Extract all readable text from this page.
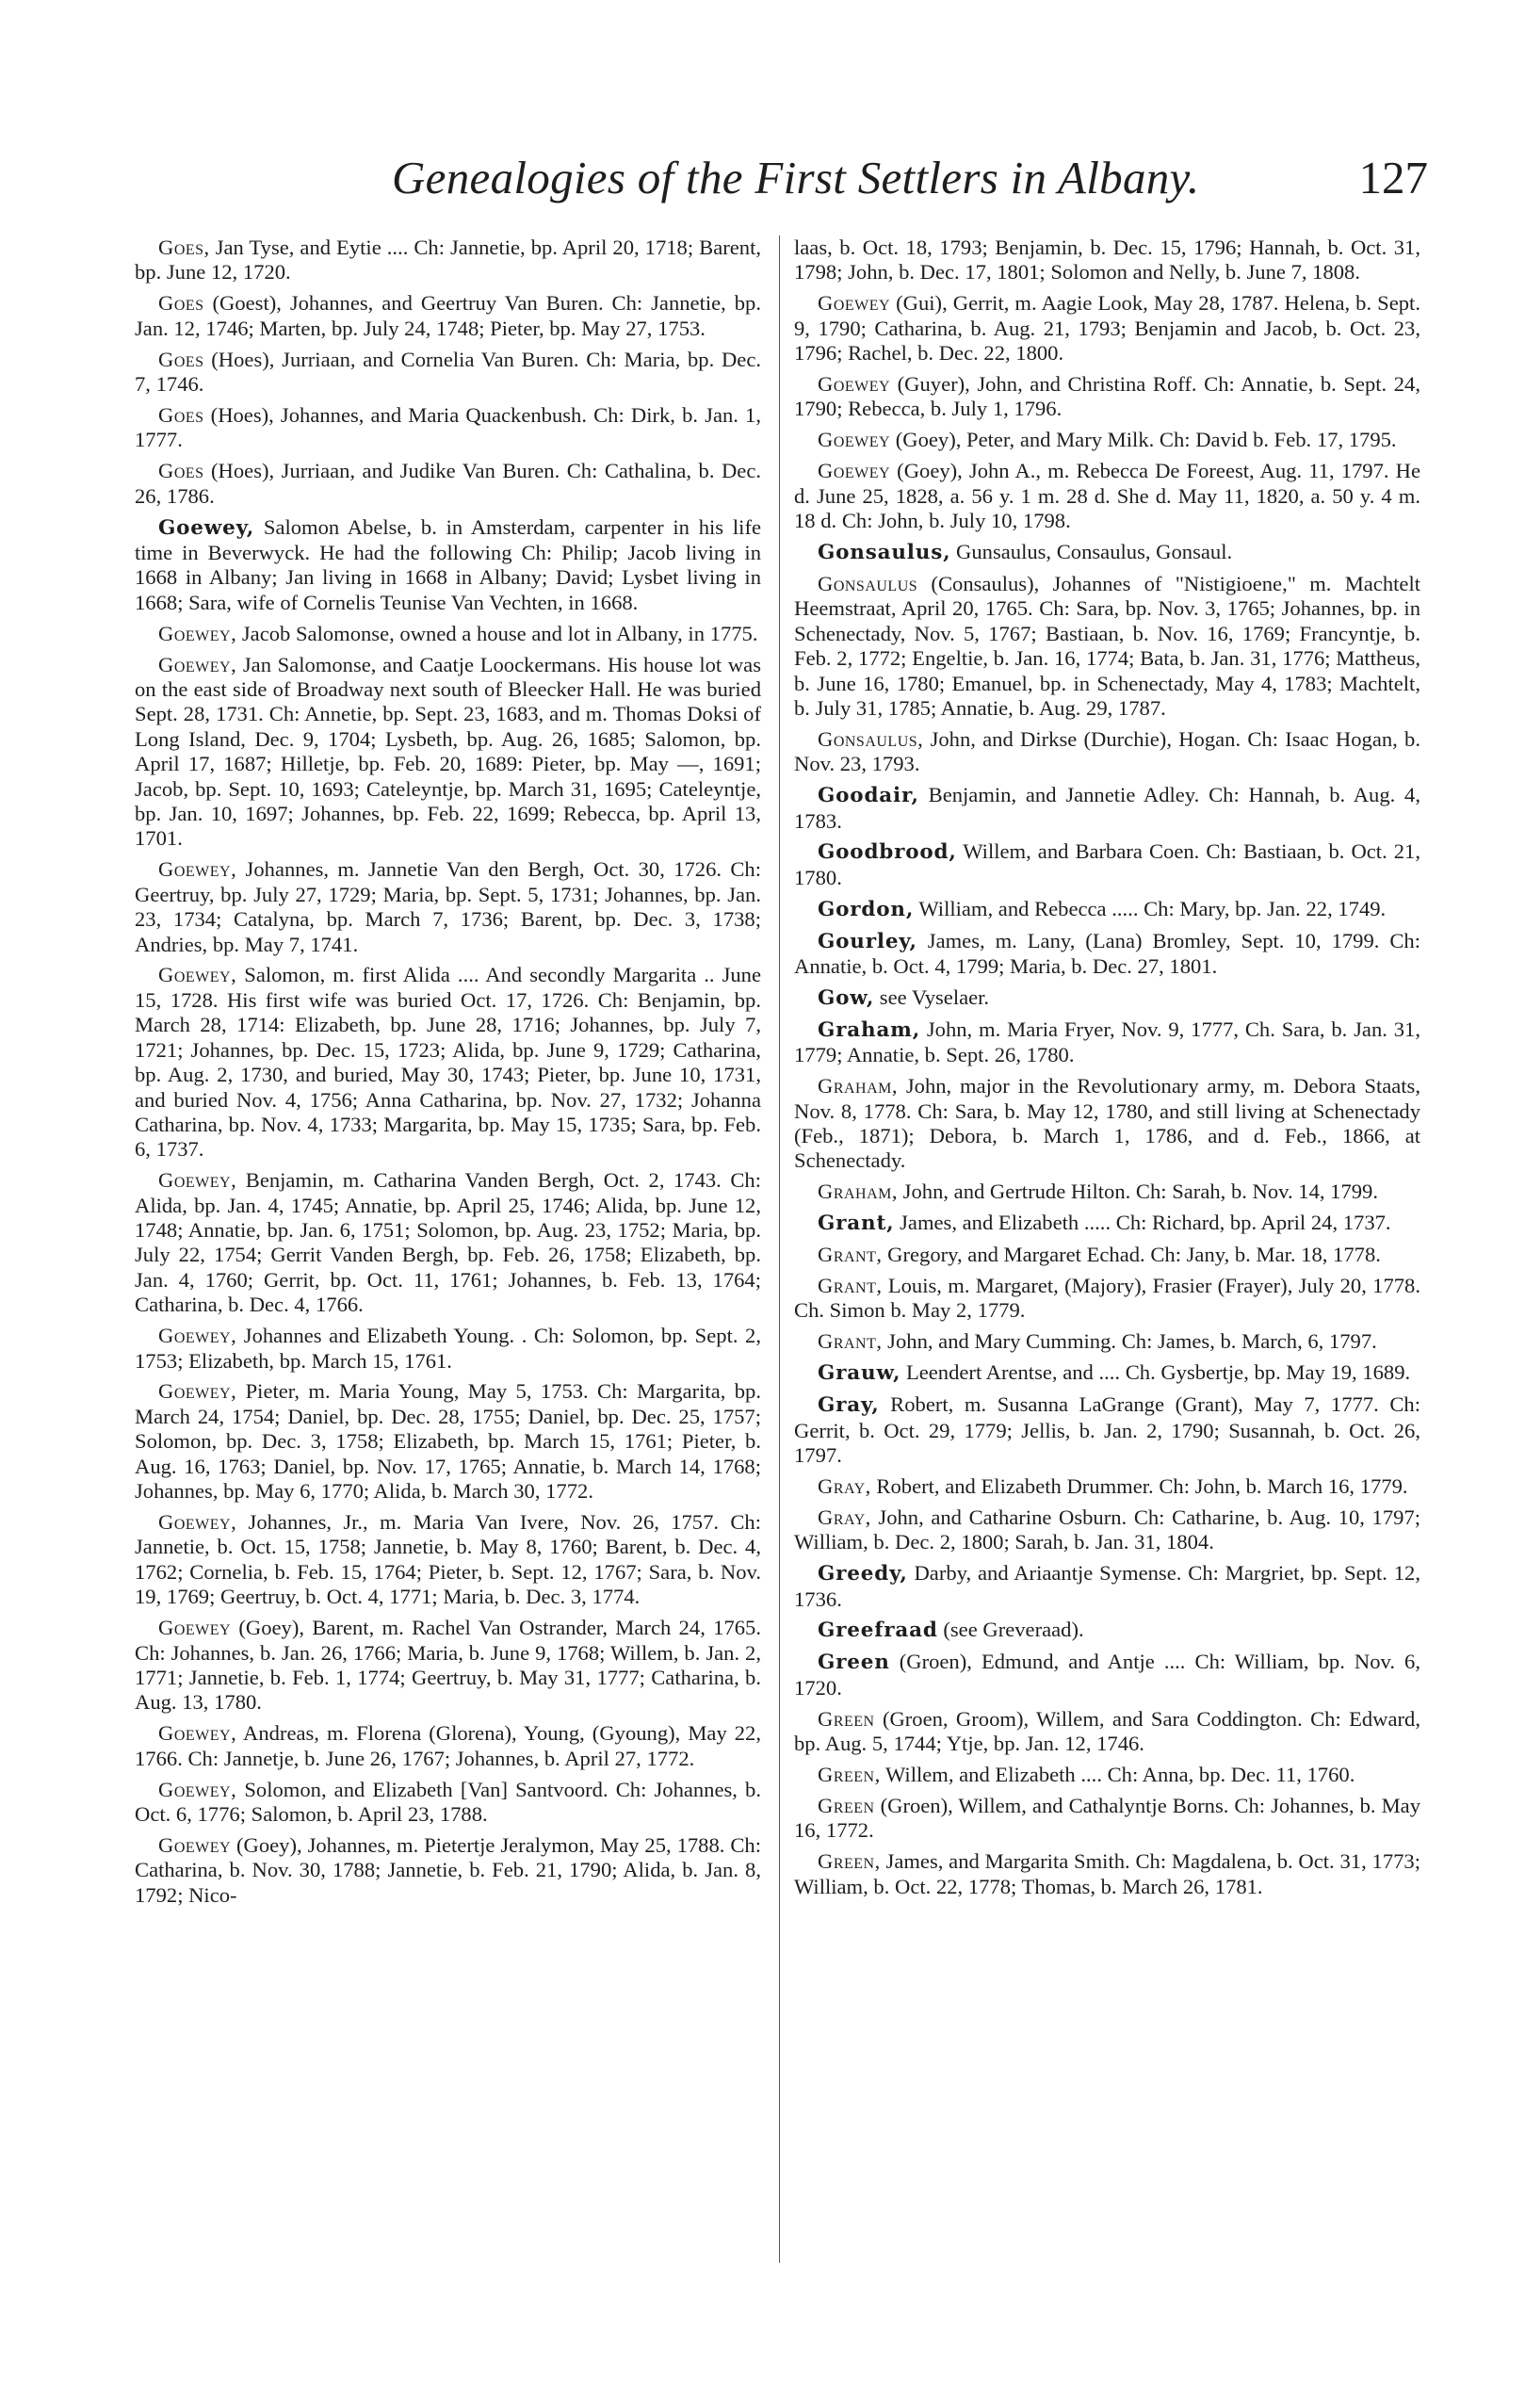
Genealogies of the First Settlers in Albany.	127

Goes, Jan Tyse, and Eytie .... Ch: Jannetie, bp. April 20, 1718; Barent, bp. June 12, 1720.

Goes (Goest), Johannes, and Geertruy Van Buren. Ch: Jannetie, bp. Jan. 12, 1746; Marten, bp. July 24, 1748; Pieter, bp. May 27, 1753.

Goes (Hoes), Jurriaan, and Cornelia Van Buren. Ch: Maria, bp. Dec. 7, 1746.

Goes (Hoes), Johannes, and Maria Quackenbush. Ch: Dirk, b. Jan. 1, 1777.

Goes (Hoes), Jurriaan, and Judike Van Buren. Ch: Cathalina, b. Dec. 26, 1786.

Goewey, Salomon Abelse, b. in Amsterdam, carpenter in his life time in Beverwyck. He had the following Ch: Philip; Jacob living in 1668 in Albany; Jan living in 1668 in Albany; David; Lysbet living in 1668; Sara, wife of Cornelis Teunise Van Vechten, in 1668.

Goewey, Jacob Salomonse, owned a house and lot in Albany, in 1775.

Goewey, Jan Salomonse, and Caatje Loockermans. His house lot was on the east side of Broadway next south of Bleecker Hall. He was buried Sept. 28, 1731. Ch: Annetie, bp. Sept. 23, 1683, and m. Thomas Doksi of Long Island, Dec. 9, 1704; Lysbeth, bp. Aug. 26, 1685; Salomon, bp. April 17, 1687; Hilletje, bp. Feb. 20, 1689: Pieter, bp. May —, 1691; Jacob, bp. Sept. 10, 1693; Cateleyntje, bp. March 31, 1695; Cateleyntje, bp. Jan. 10, 1697; Johannes, bp. Feb. 22, 1699; Rebecca, bp. April 13, 1701.

Goewey, Johannes, m. Jannetie Van den Bergh, Oct. 30, 1726. Ch: Geertruy, bp. July 27, 1729; Maria, bp. Sept. 5, 1731; Johannes, bp. Jan. 23, 1734; Catalyna, bp. March 7, 1736; Barent, bp. Dec. 3, 1738; Andries, bp. May 7, 1741.

Goewey, Salomon, m. first Alida .... And secondly Margarita .. June 15, 1728. His first wife was buried Oct. 17, 1726. Ch: Benjamin, bp. March 28, 1714: Elizabeth, bp. June 28, 1716; Johannes, bp. July 7, 1721; Johannes, bp. Dec. 15, 1723; Alida, bp. June 9, 1729; Catharina, bp. Aug. 2, 1730, and buried, May 30, 1743; Pieter, bp. June 10, 1731, and buried Nov. 4, 1756; Anna Catharina, bp. Nov. 27, 1732; Johanna Catharina, bp. Nov. 4, 1733; Margarita, bp. May 15, 1735; Sara, bp. Feb. 6, 1737.

Goewey, Benjamin, m. Catharina Vanden Bergh, Oct. 2, 1743. Ch: Alida, bp. Jan. 4, 1745; Annatie, bp. April 25, 1746; Alida, bp. June 12, 1748; Annatie, bp. Jan. 6, 1751; Solomon, bp. Aug. 23, 1752; Maria, bp. July 22, 1754; Gerrit Vanden Bergh, bp. Feb. 26, 1758; Elizabeth, bp. Jan. 4, 1760; Gerrit, bp. Oct. 11, 1761; Johannes, b. Feb. 13, 1764; Catharina, b. Dec. 4, 1766.

Goewey, Johannes and Elizabeth Young. . Ch: Solomon, bp. Sept. 2, 1753; Elizabeth, bp. March 15, 1761.

Goewey, Pieter, m. Maria Young, May 5, 1753. Ch: Margarita, bp. March 24, 1754; Daniel, bp. Dec. 28, 1755; Daniel, bp. Dec. 25, 1757; Solomon, bp. Dec. 3, 1758; Elizabeth, bp. March 15, 1761; Pieter, b. Aug. 16, 1763; Daniel, bp. Nov. 17, 1765; Annatie, b. March 14, 1768; Johannes, bp. May 6, 1770; Alida, b. March 30, 1772.

Goewey, Johannes, Jr., m. Maria Van Ivere, Nov. 26, 1757. Ch: Jannetie, b. Oct. 15, 1758; Jannetie, b. May 8, 1760; Barent, b. Dec. 4, 1762; Cornelia, b. Feb. 15, 1764; Pieter, b. Sept. 12, 1767; Sara, b. Nov. 19, 1769; Geertruy, b. Oct. 4, 1771; Maria, b. Dec. 3, 1774.

Goewey (Goey), Barent, m. Rachel Van Ostrander, March 24, 1765. Ch: Johannes, b. Jan. 26, 1766; Maria, b. June 9, 1768; Willem, b. Jan. 2, 1771; Jannetie, b. Feb. 1, 1774; Geertruy, b. May 31, 1777; Catharina, b. Aug. 13, 1780.

Goewey, Andreas, m. Florena (Glorena), Young, (Gyoung), May 22, 1766. Ch: Jannetje, b. June 26, 1767; Johannes, b. April 27, 1772.

Goewey, Solomon, and Elizabeth [Van] Santvoord. Ch: Johannes, b. Oct. 6, 1776; Salomon, b. April 23, 1788.

Goewey (Goey), Johannes, m. Pietertje Jeralymon, May 25, 1788. Ch: Catharina, b. Nov. 30, 1788; Jannetie, b. Feb. 21, 1790; Alida, b. Jan. 8, 1792; Nico-

laas, b. Oct. 18, 1793; Benjamin, b. Dec. 15, 1796; Hannah, b. Oct. 31, 1798; John, b. Dec. 17, 1801; Solomon and Nelly, b. June 7, 1808.

Goewey (Gui), Gerrit, m. Aagie Look, May 28, 1787. Helena, b. Sept. 9, 1790; Catharina, b. Aug. 21, 1793; Benjamin and Jacob, b. Oct. 23, 1796; Rachel, b. Dec. 22, 1800.

Goewey (Guyer), John, and Christina Roff. Ch: Annatie, b. Sept. 24, 1790; Rebecca, b. July 1, 1796.

Goewey (Goey), Peter, and Mary Milk. Ch: David b. Feb. 17, 1795.

Goewey (Goey), John A., m. Rebecca De Foreest, Aug. 11, 1797. He d. June 25, 1828, a. 56 y. 1 m. 28 d. She d. May 11, 1820, a. 50 y. 4 m. 18 d. Ch: John, b. July 10, 1798.

Gonsaulus, Gunsaulus, Consaulus, Gonsaul.

Gonsaulus (Consaulus), Johannes of "Nistigioene," m. Machtelt Heemstraat, April 20, 1765. Ch: Sara, bp. Nov. 3, 1765; Johannes, bp. in Schenectady, Nov. 5, 1767; Bastiaan, b. Nov. 16, 1769; Francyntje, b. Feb. 2, 1772; Engeltie, b. Jan. 16, 1774; Bata, b. Jan. 31, 1776; Mattheus, b. June 16, 1780; Emanuel, bp. in Schenectady, May 4, 1783; Machtelt, b. July 31, 1785; Annatie, b. Aug. 29, 1787.

Gonsaulus, John, and Dirkse (Durchie), Hogan. Ch: Isaac Hogan, b. Nov. 23, 1793.

Goodair, Benjamin, and Jannetie Adley. Ch: Hannah, b. Aug. 4, 1783.

Goodbrood, Willem, and Barbara Coen. Ch: Bastiaan, b. Oct. 21, 1780.

Gordon, William, and Rebecca ..... Ch: Mary, bp. Jan. 22, 1749.

Gourley, James, m. Lany, (Lana) Bromley, Sept. 10, 1799. Ch: Annatie, b. Oct. 4, 1799; Maria, b. Dec. 27, 1801.

Gow, see Vyselaer.

Graham, John, m. Maria Fryer, Nov. 9, 1777, Ch. Sara, b. Jan. 31, 1779; Annatie, b. Sept. 26, 1780.

Graham, John, major in the Revolutionary army, m. Debora Staats, Nov. 8, 1778. Ch: Sara, b. May 12, 1780, and still living at Schenectady (Feb., 1871); Debora, b. March 1, 1786, and d. Feb., 1866, at Schenectady.

Graham, John, and Gertrude Hilton. Ch: Sarah, b. Nov. 14, 1799.

Grant, James, and Elizabeth ..... Ch: Richard, bp. April 24, 1737.

Grant, Gregory, and Margaret Echad. Ch: Jany, b. Mar. 18, 1778.

Grant, Louis, m. Margaret, (Majory), Frasier (Frayer), July 20, 1778. Ch. Simon b. May 2, 1779.

Grant, John, and Mary Cumming. Ch: James, b. March, 6, 1797.

Grauw, Leendert Arentse, and .... Ch. Gysbertje, bp. May 19, 1689.

Gray, Robert, m. Susanna LaGrange (Grant), May 7, 1777. Ch: Gerrit, b. Oct. 29, 1779; Jellis, b. Jan. 2, 1790; Susannah, b. Oct. 26, 1797.

Gray, Robert, and Elizabeth Drummer. Ch: John, b. March 16, 1779.

Gray, John, and Catharine Osburn. Ch: Catharine, b. Aug. 10, 1797; William, b. Dec. 2, 1800; Sarah, b. Jan. 31, 1804.

Greedy, Darby, and Ariaantje Symense. Ch: Margriet, bp. Sept. 12, 1736.

Greefraad (see Greveraad).

Green (Groen), Edmund, and Antje .... Ch: William, bp. Nov. 6, 1720.

Green (Groen, Groom), Willem, and Sara Coddington. Ch: Edward, bp. Aug. 5, 1744; Ytje, bp. Jan. 12, 1746.

Green, Willem, and Elizabeth .... Ch: Anna, bp. Dec. 11, 1760.

Green (Groen), Willem, and Cathalyntje Borns. Ch: Johannes, b. May 16, 1772.

Green, James, and Margarita Smith. Ch: Magdalena, b. Oct. 31, 1773; William, b. Oct. 22, 1778; Thomas, b. March 26, 1781.
